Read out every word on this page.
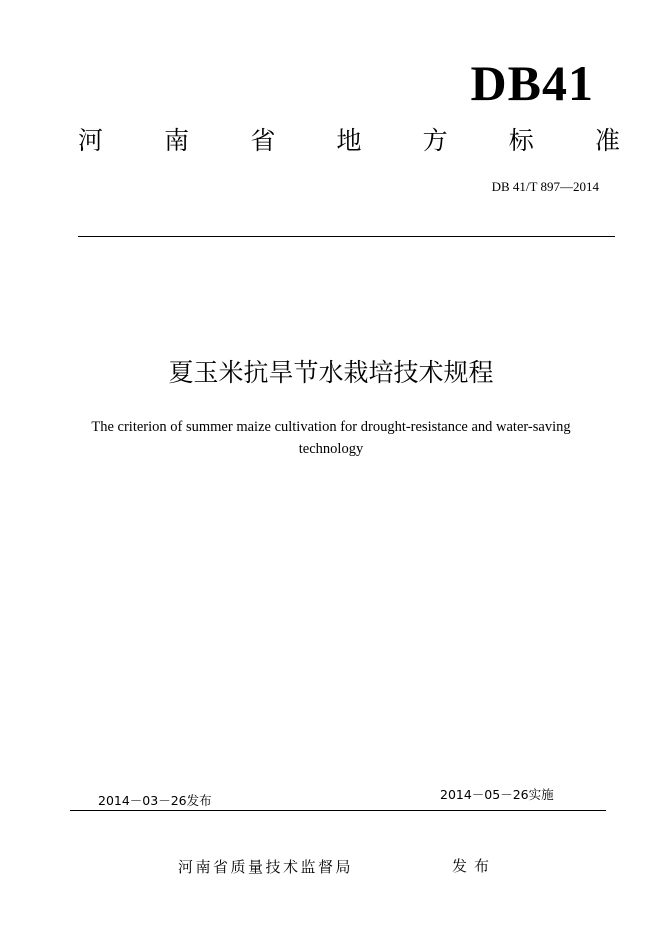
DB41
河 南 省 地 方 标 准
DB 41/T 897—2014
夏玉米抗旱节水栽培技术规程
The criterion of summer maize cultivation for drought-resistance and water-saving
technology
2014－03－26发布	2014－05－26实施
河南省质量技术监督局	发布
